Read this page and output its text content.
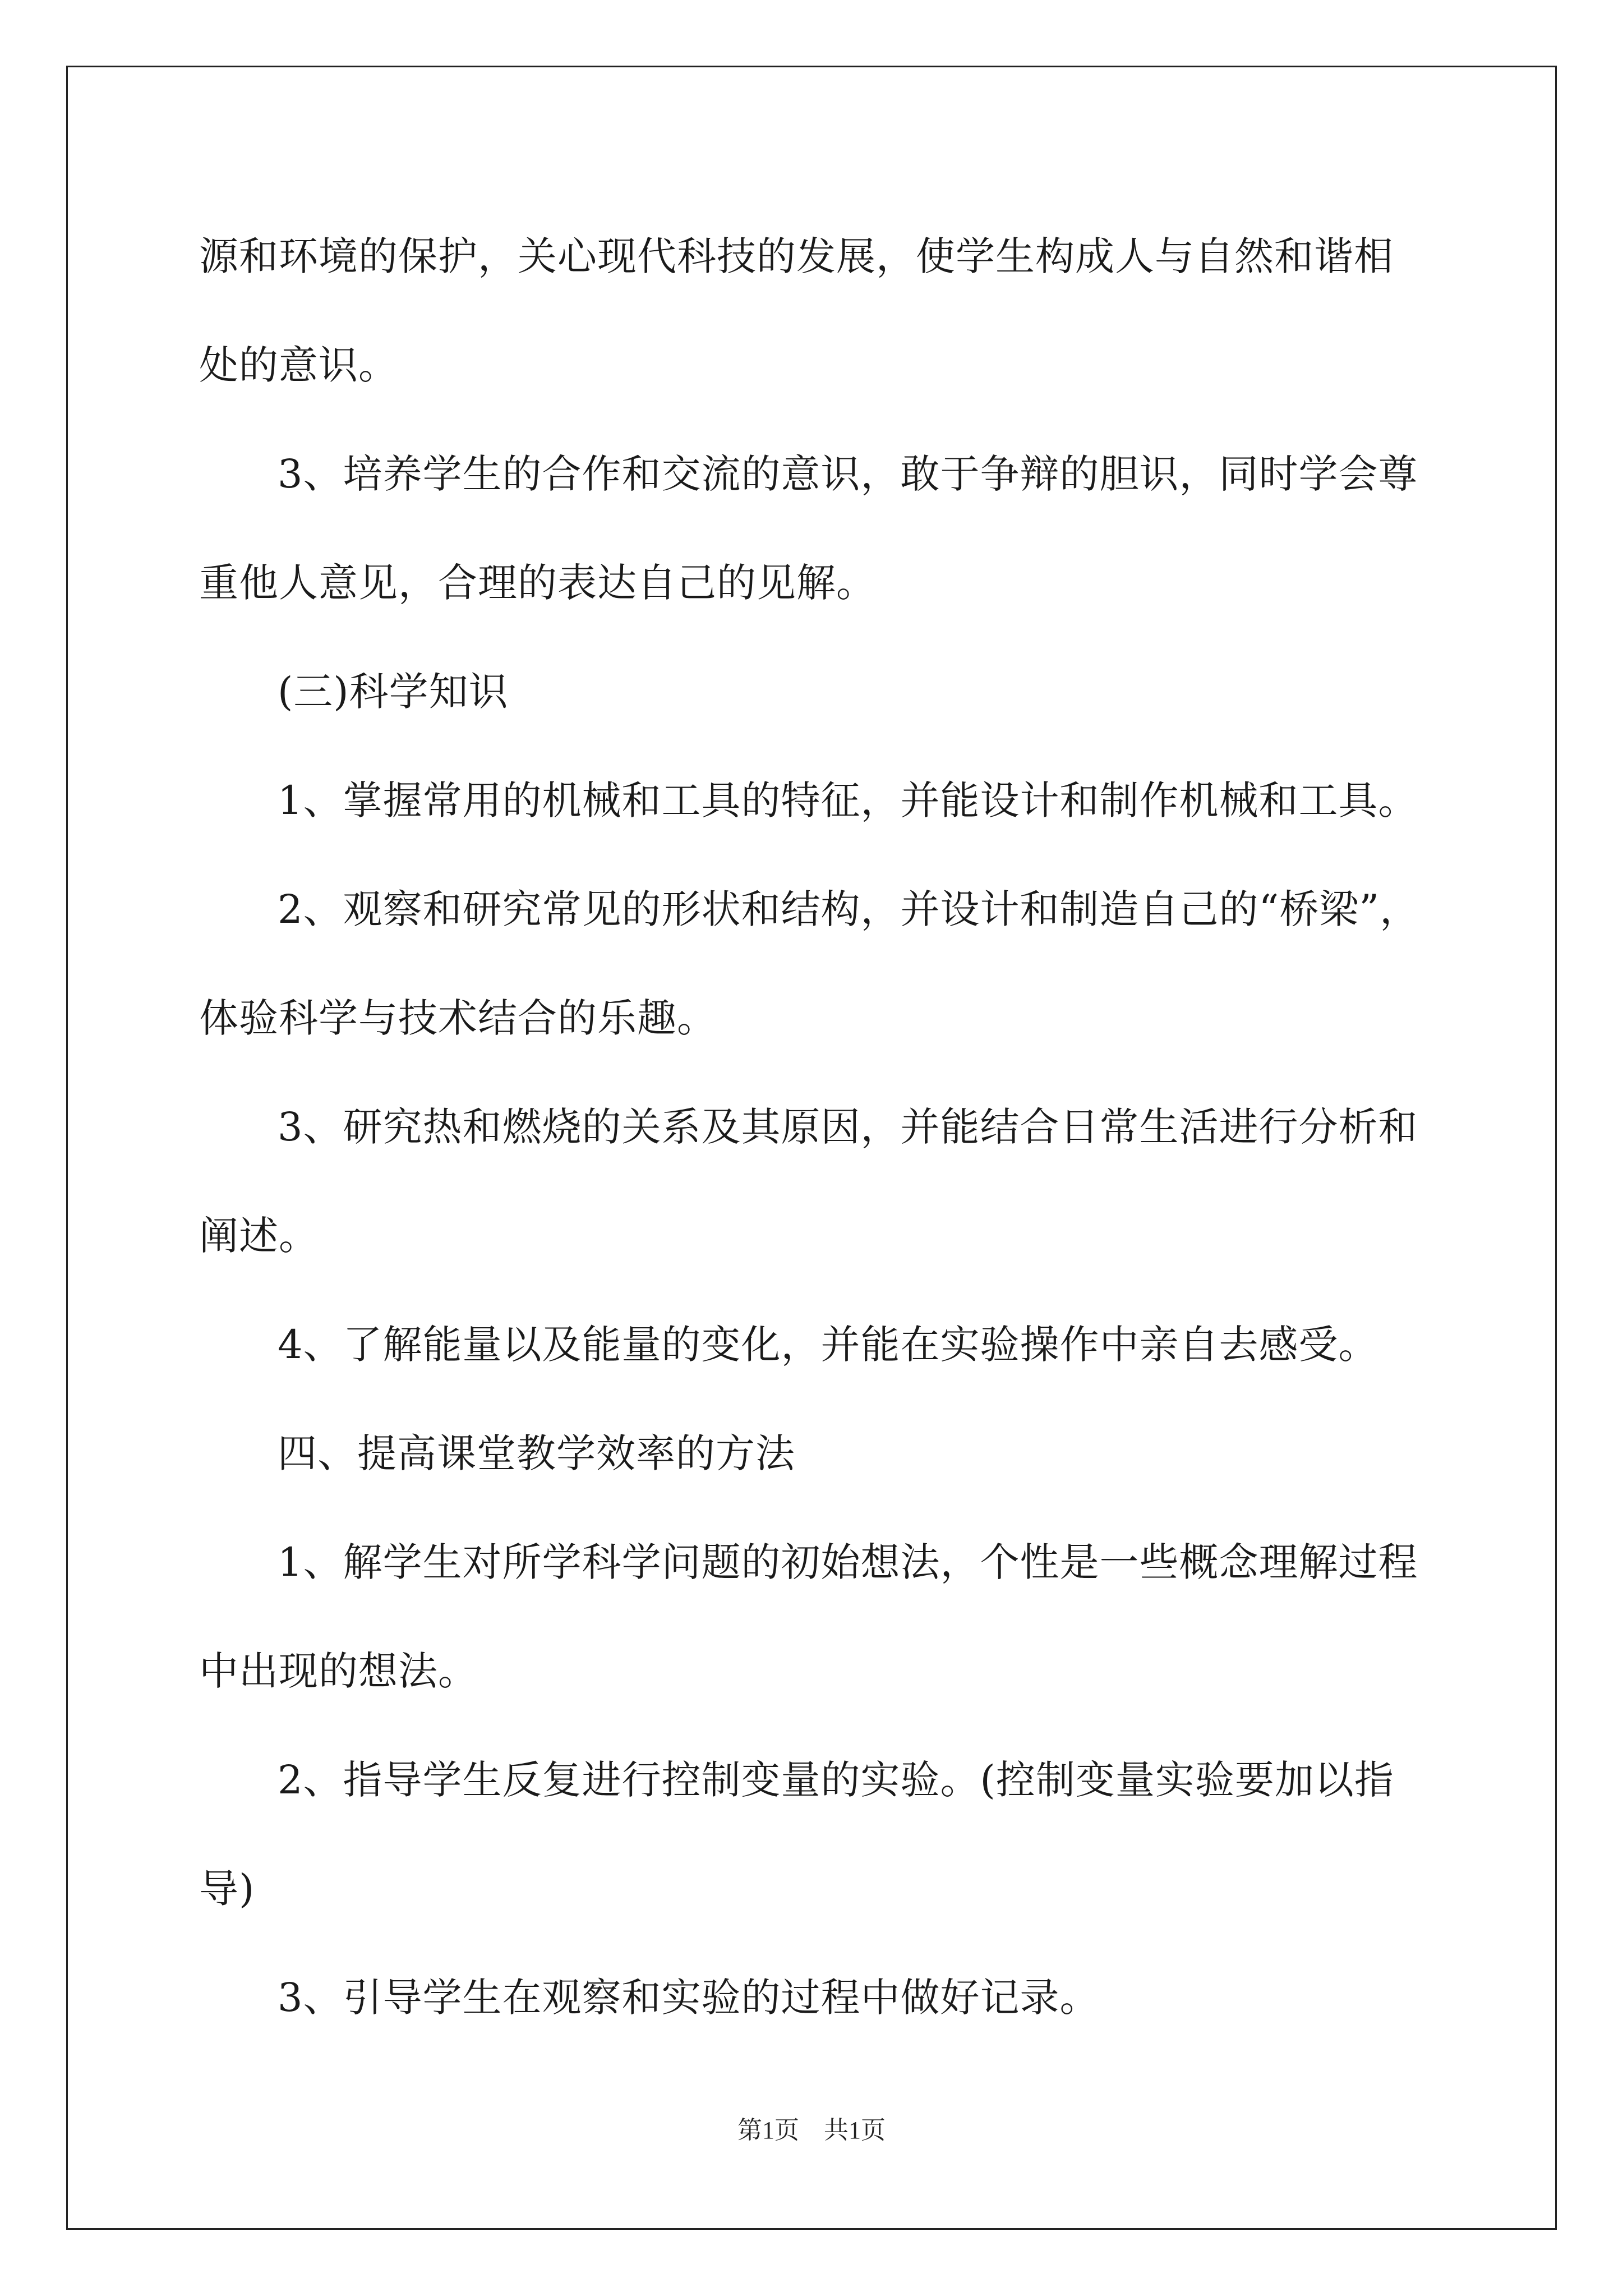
源和环境的保护，关心现代科技的发展，使学生构成人与自然和谐相

处的意识。

3、培养学生的合作和交流的意识，敢于争辩的胆识，同时学会尊

重他人意见，合理的表达自己的见解。

(三)科学知识

1、掌握常用的机械和工具的特征，并能设计和制作机械和工具。

2、观察和研究常见的形状和结构，并设计和制造自己的“桥梁”，

体验科学与技术结合的乐趣。

3、研究热和燃烧的关系及其原因，并能结合日常生活进行分析和

阐述。

4、了解能量以及能量的变化，并能在实验操作中亲自去感受。

四、提高课堂教学效率的方法

1、解学生对所学科学问题的初始想法，个性是一些概念理解过程

中出现的想法。

2、指导学生反复进行控制变量的实验。(控制变量实验要加以指

导)

3、引导学生在观察和实验的过程中做好记录。

第1页　共1页
